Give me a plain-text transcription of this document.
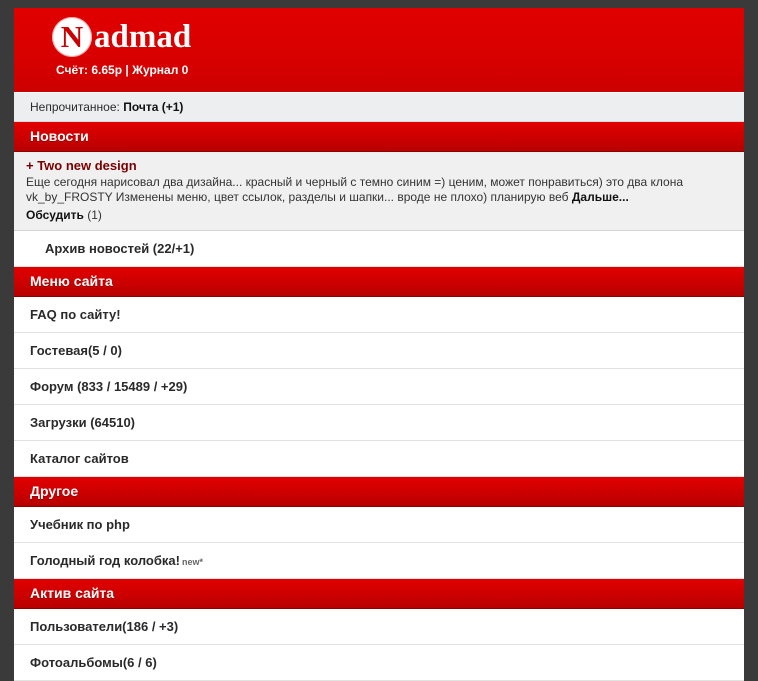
N admad
Счёт: 6.65р | Журнал 0
Непрочитанное: Почта (+1)
Новости
+ Two new design
Еще сегодня нарисовал два дизайна... красный и черный с темно синим =) ценим, может понравиться) это два клона vk_by_FROSTY Изменены меню, цвет ссылок, разделы и шапки... вроде не плохо) планирую веб Дальше...
Обсудить (1)
Архив новостей (22/+1)
Меню сайта
FAQ по сайту!
Гостевая(5 / 0)
Форум (833 / 15489 / +29)
Загрузки (64510)
Каталог сайтов
Другое
Учебник по php
Голодный год колобка! new*
Актив сайта
Пользователи(186 / +3)
Фотоальбомы(6 / 6)
